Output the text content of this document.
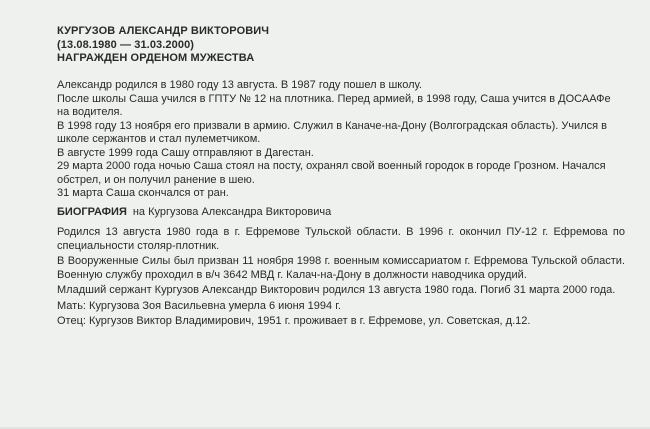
КУРГУЗОВ АЛЕКСАНДР ВИКТОРОВИЧ
(13.08.1980 — 31.03.2000)
НАГРАЖДЕН ОРДЕНОМ МУЖЕСТВА

Александр родился в 1980 году 13 августа. В 1987 году пошел в школу.

После школы Саша учился в ГПТУ № 12 на плотника. Перед армией, в 1998 году, Саша учится в ДОСААФе на водителя.

В 1998 году 13 ноября его призвали в армию. Служил в Каначе-на-Дону (Волгоградская область). Учился в школе сержантов и стал пулеметчиком.

В августе 1999 года Сашу отправляют в Дагестан.

29 марта 2000 года ночью Саша стоял на посту, охранял свой военный городок в городе Грозном. Начался обстрел, и он получил ранение в шею.

31 марта Саша скончался от ран.

БИОГРАФИЯ на Кургузова Александра Викторовича

Родился 13 августа 1980 года в г. Ефремове Тульской области. В 1996 г. окончил ПУ-12 г. Ефремова по специальности столяр-плотник.

В Вооруженные Силы был призван 11 ноября 1998 г. военным комиссариатом г. Ефремова Тульской области. Военную службу проходил в в/ч 3642 МВД г. Калач-на-Дону в должности наводчика орудий.

Младший сержант Кургузов Александр Викторович родился 13 августа 1980 года. Погиб 31 марта 2000 года.

Мать: Кургузова Зоя Васильевна умерла 6 июня 1994 г.

Отец: Кургузов Виктор Владимирович, 1951 г. проживает в г. Ефремове, ул. Советская, д.12.
